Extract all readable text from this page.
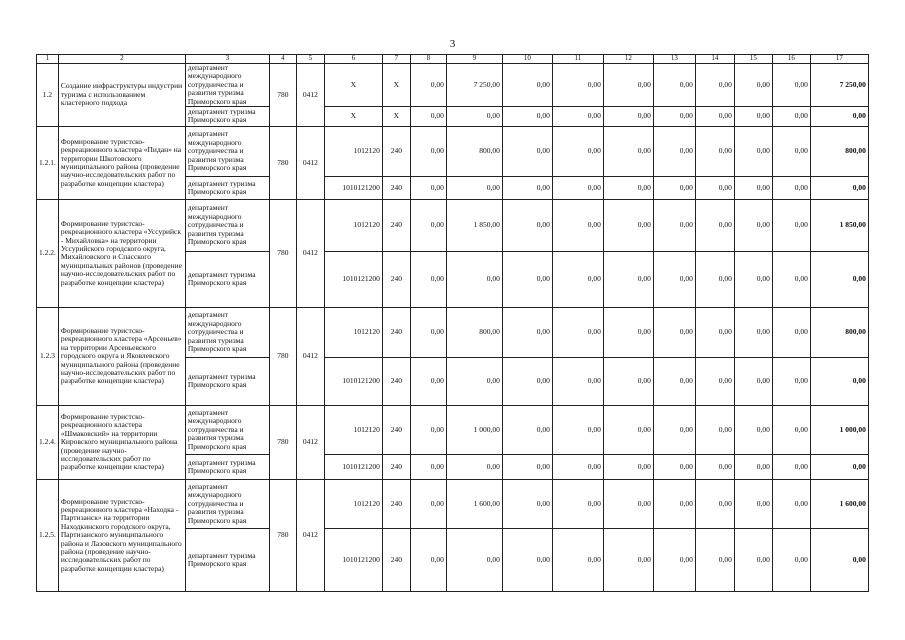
3
1	2	3	4	5	6	7	8	9	10	11	12	13	14	15	16	17
1.2	Создание инфраструктуры индустрии туризма с использованием кластерного подхода	департамент международного сотрудничества и развития туризма Приморского края	780	0412	X	X	0,00	7 250,00	0,00	0,00	0,00	0,00	0,00	0,00	0,00	7 250,00
		департамент туризма Приморского края			X	X	0,00	0,00	0,00	0,00	0,00	0,00	0,00	0,00	0,00	0,00
1.2.1.	Формирование туристско-рекреационного кластера «Пидан» на территории Шкотовского муниципального района (проведение научно-исследовательских работ по разработке концепции кластера)	департамент международного сотрудничества и развития туризма Приморского края	780	0412	1012120	240	0,00	800,00	0,00	0,00	0,00	0,00	0,00	0,00	0,00	800,00
		департамент туризма Приморского края			1010121200	240	0,00	0,00	0,00	0,00	0,00	0,00	0,00	0,00	0,00	0,00
1.2.2.	Формирование туристско-рекреационного кластера «Уссурийск - Михайловка» на территории Уссурийского городского округа, Михайловского и Спасского муниципальных районов (проведение научно-исследовательских работ по разработке концепции кластера)	департамент международного сотрудничества и развития туризма Приморского края	780	0412	1012120	240	0,00	1 850,00	0,00	0,00	0,00	0,00	0,00	0,00	0,00	1 850,00
		департамент туризма Приморского края			1010121200	240	0,00	0,00	0,00	0,00	0,00	0,00	0,00	0,00	0,00	0,00
1.2.3	Формирование туристско-рекреационного кластера «Арсеньев» на территории Арсеньевского городского округа и Яковлевского муниципального района (проведение научно-исследовательских работ по разработке концепции кластера)	департамент международного сотрудничества и развития туризма Приморского края	780	0412	1012120	240	0,00	800,00	0,00	0,00	0,00	0,00	0,00	0,00	0,00	800,00
		департамент туризма Приморского края			1010121200	240	0,00	0,00	0,00	0,00	0,00	0,00	0,00	0,00	0,00	0,00
1.2.4.	Формирование туристско-рекреационного кластера «Шмаковский» на территории Кировского муниципального района (проведение научно-исследовательских работ по разработке концепции кластера)	департамент международного сотрудничества и развития туризма Приморского края	780	0412	1012120	240	0,00	1 000,00	0,00	0,00	0,00	0,00	0,00	0,00	0,00	1 000,00
		департамент туризма Приморского края			1010121200	240	0,00	0,00	0,00	0,00	0,00	0,00	0,00	0,00	0,00	0,00
1.2.5.	Формирование туристско-рекреационного кластера «Находка - Партизанск» на территории Находкинского городского округа, Партизанского муниципального района и Лазовского муниципального района (проведение научно-исследовательских работ по разработке концепции кластера)	департамент международного сотрудничества и развития туризма Приморского края	780	0412	1012120	240	0,00	1 600,00	0,00	0,00	0,00	0,00	0,00	0,00	0,00	1 600,00
		департамент туризма Приморского края			1010121200	240	0,00	0,00	0,00	0,00	0,00	0,00	0,00	0,00	0,00	0,00
